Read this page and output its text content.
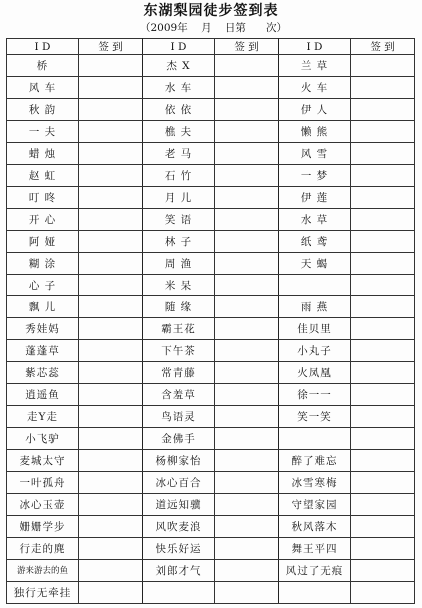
东湖梨园徒步签到表
（2009年    月    日第      次）
I D	签 到	I D	签 到	I D	签 到
桥		杰 X		兰 草	
风 车		水 车		火 车	
秋 韵		依 依		伊 人	
一 夫		樵 夫		懒 熊	
蜡 烛		老 马		风 雪	
赵 虹		石 竹		一 梦	
叮 咚		月 儿		伊 莲	
开 心		笑 语		水 草	
阿 娅		林 子		纸 鸢	
糊 涂		周 渔		天 蝎	
心 子		米 呆			
飘 儿		随 缘		雨 燕	
秀娃妈		霸王花		佳贝里	
蓬蓬草		下午茶		小丸子	
紫芯蕊		常青藤		火凤凰	
逍遥鱼		含羞草		徐一一	
走Y走		鸟语灵		笑一笑	
小飞驴		金佛手			
麦城太守		杨柳家怡		醉了难忘	
一叶孤舟		冰心百合		冰雪寒梅	
冰心玉壶		道远知骥		守望家园	
姗姗学步		风吹麦浪		秋风落木	
行走的麂		快乐好运		舞王平四	
游来游去的鱼		刘郎才气		风过了无痕	
独行无牵挂					
